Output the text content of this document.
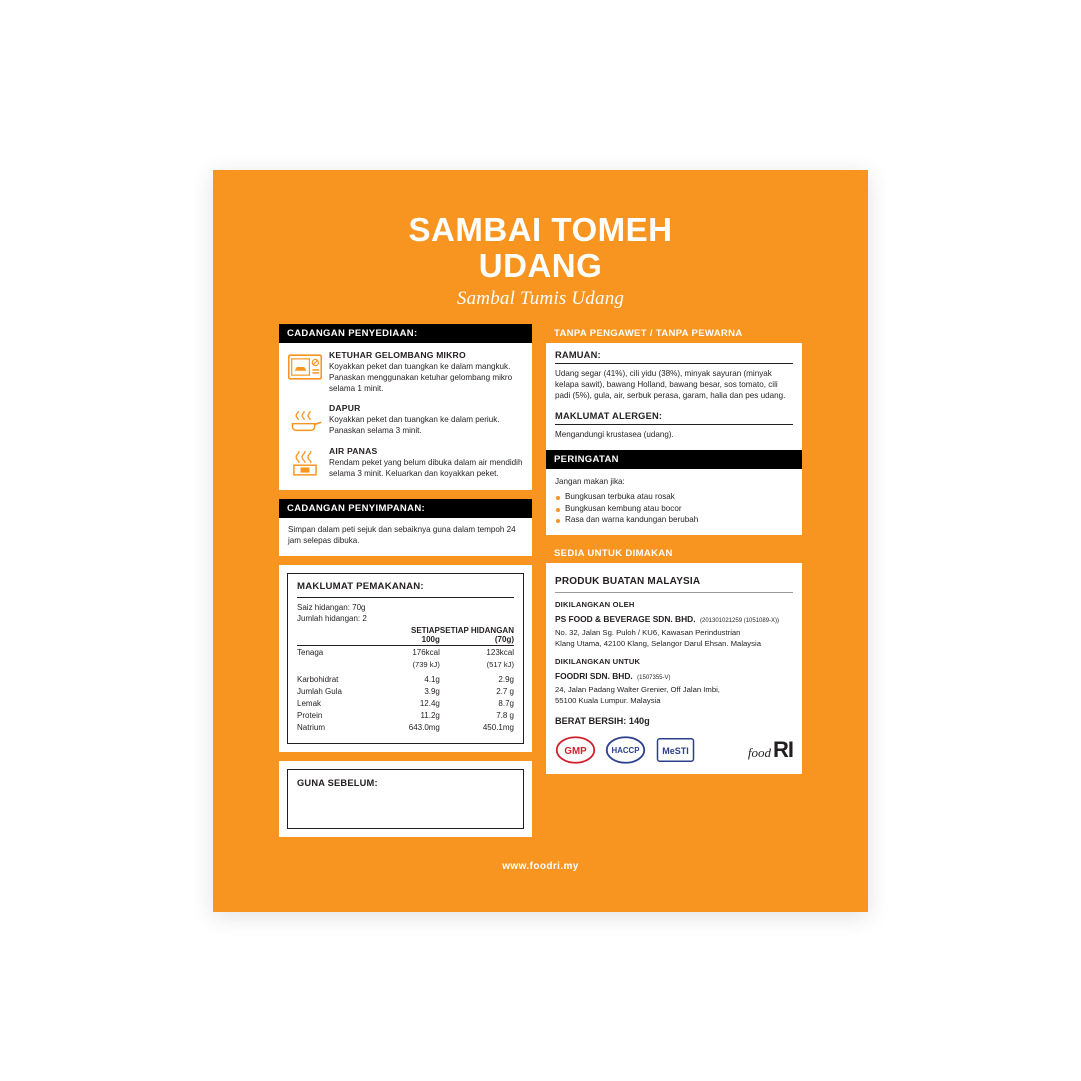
SAMBAI TOMEH
UDANG
Sambal Tumis Udang
CADANGAN PENYEDIAAN:
KETUHAR GELOMBANG MIKRO
Koyakkan peket dan tuangkan ke dalam mangkuk. Panaskan menggunakan ketuhar gelombang mikro selama 1 minit.
DAPUR
Koyakkan peket dan tuangkan ke dalam periuk. Panaskan selama 3 minit.
AIR PANAS
Rendam peket yang belum dibuka dalam air mendidih selama 3 minit. Keluarkan dan koyakkan peket.
CADANGAN PENYIMPANAN:
Simpan dalam peti sejuk dan sebaiknya guna dalam tempoh 24 jam selepas dibuka.
MAKLUMAT PEMAKANAN:
Saiz hidangan: 70g
Jumlah hidangan: 2

SETIAP
100g

SETIAP HIDANGAN
(70g)

Tenaga	176kcal	123kcal
	(739 kJ)	(517 kJ)
Karbohidrat	4.1g	2.9g
Jumlah Gula	3.9g	2.7 g
Lemak	12.4g	8.7g
Protein	11.2g	7.8 g
Natrium	643.0mg	450.1mg
GUNA SEBELUM:
TANPA PENGAWET / TANPA PEWARNA
RAMUAN:
Udang segar (41%), cili yidu (38%), minyak sayuran (minyak kelapa sawit), bawang Holland, bawang besar, sos tomato, cili padi (5%), gula, air, serbuk perasa, garam, halia dan pes udang.
MAKLUMAT ALERGEN:
Mengandungi krustasea (udang).
PERINGATAN
Jangan makan jika:
Bungkusan terbuka atau rosak
Bungkusan kembung atau bocor
Rasa dan warna kandungan berubah
SEDIA UNTUK DIMAKAN
PRODUK BUATAN MALAYSIA
DIKILANGKAN OLEH
PS FOOD & BEVERAGE SDN. BHD. (201301021259 (1051089-X))
No. 32, Jalan Sg. Puloh / KU6, Kawasan Perindustrian
Klang Utama, 42100 Klang, Selangor Darul Ehsan. Malaysia
DIKILANGKAN UNTUK
FOODRI SDN. BHD. (1507355-V)
24, Jalan Padang Walter Grenier, Off Jalan Imbi,
55100 Kuala Lumpur. Malaysia
BERAT BERSIH: 140g
GMP HACCP MeSTI	food RI
www.foodri.my
